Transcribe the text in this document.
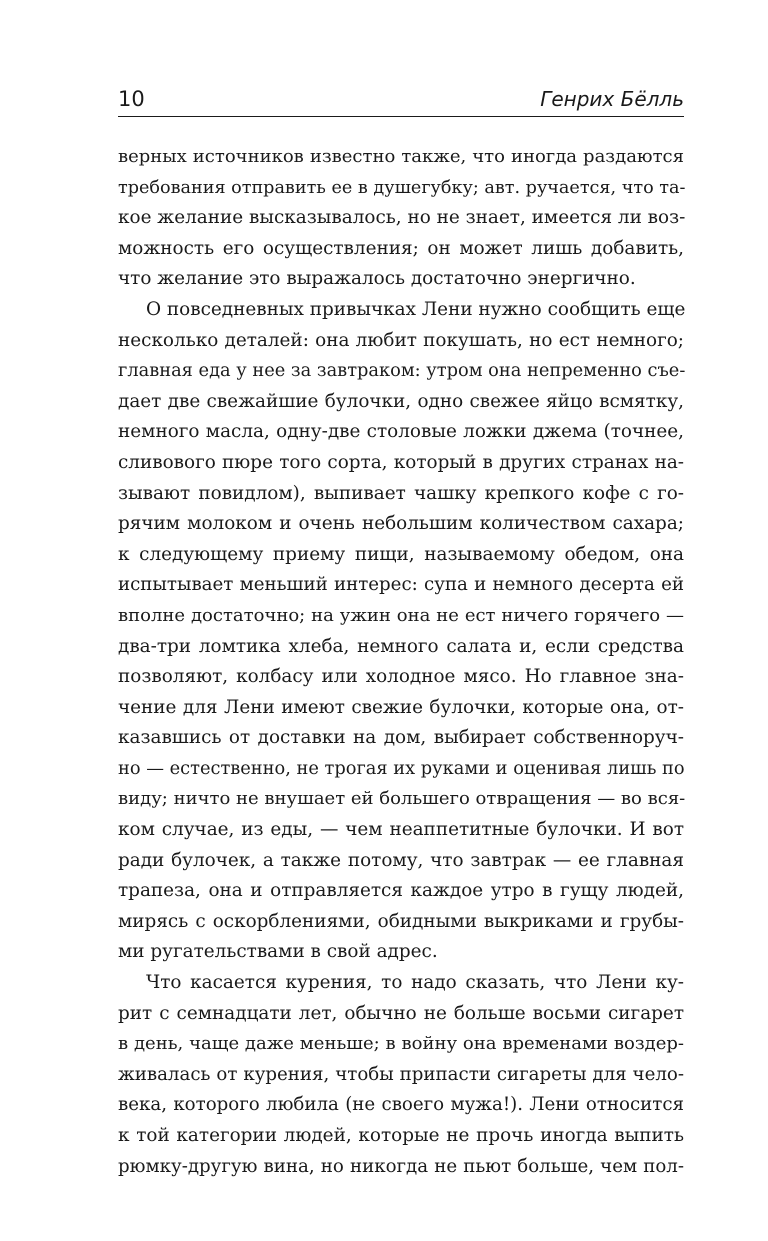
10	Генрих Бёлль
верных источников известно также, что иногда раздаются
требования отправить ее в душегубку; авт. ручается, что та-
кое желание высказывалось, но не знает, имеется ли воз-
можность его осуществления; он может лишь добавить,
что желание это выражалось достаточно энергично.
О повседневных привычках Лени нужно сообщить еще
несколько деталей: она любит покушать, но ест немного;
главная еда у нее за завтраком: утром она непременно съе-
дает две свежайшие булочки, одно свежее яйцо всмятку,
немного масла, одну-две столовые ложки джема (точнее,
сливового пюре того сорта, который в других странах на-
зывают повидлом), выпивает чашку крепкого кофе с го-
рячим молоком и очень небольшим количеством сахара;
к следующему приему пищи, называемому обедом, она
испытывает меньший интерес: супа и немного десерта ей
вполне достаточно; на ужин она не ест ничего горячего —
два-три ломтика хлеба, немного салата и, если средства
позволяют, колбасу или холодное мясо. Но главное зна-
чение для Лени имеют свежие булочки, которые она, от-
казавшись от доставки на дом, выбирает собственноруч-
но — естественно, не трогая их руками и оценивая лишь по
виду; ничто не внушает ей большего отвращения — во вся-
ком случае, из еды, — чем неаппетитные булочки. И вот
ради булочек, а также потому, что завтрак — ее главная
трапеза, она и отправляется каждое утро в гущу людей,
мирясь с оскорблениями, обидными выкриками и грубы-
ми ругательствами в свой адрес.
Что касается курения, то надо сказать, что Лени ку-
рит с семнадцати лет, обычно не больше восьми сигарет
в день, чаще даже меньше; в войну она временами воздер-
живалась от курения, чтобы припасти сигареты для чело-
века, которого любила (не своего мужа!). Лени относится
к той категории людей, которые не прочь иногда выпить
рюмку-другую вина, но никогда не пьют больше, чем пол-
